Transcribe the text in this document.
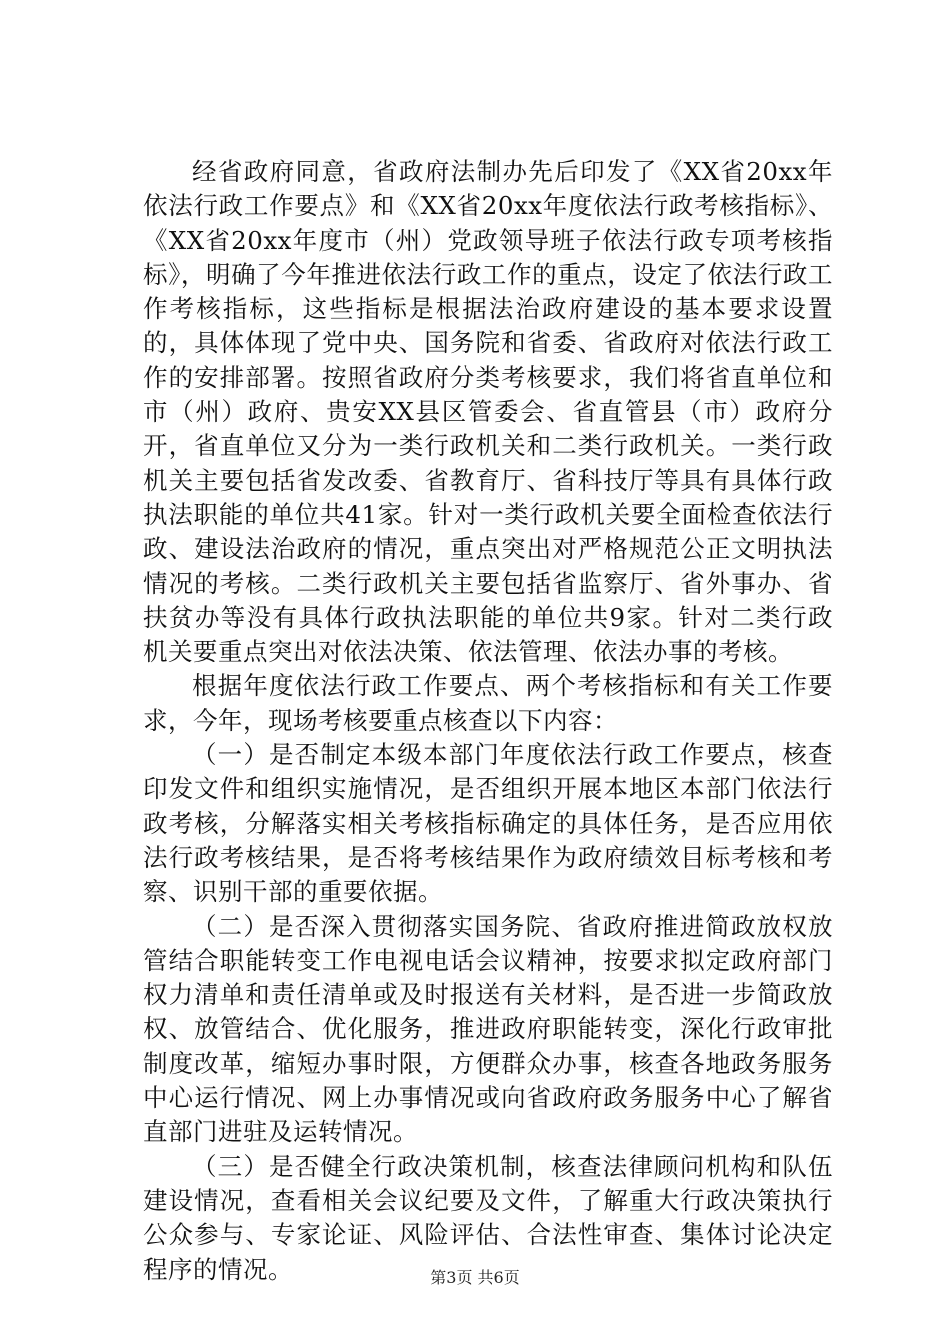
经省政府同意，省政府法制办先后印发了《XX省20xx年依法行政工作要点》和《XX省20xx年度依法行政考核指标》、《XX省20xx年度市（州）党政领导班子依法行政专项考核指标》，明确了今年推进依法行政工作的重点，设定了依法行政工作考核指标，这些指标是根据法治政府建设的基本要求设置的，具体体现了党中央、国务院和省委、省政府对依法行政工作的安排部署。按照省政府分类考核要求，我们将省直单位和市（州）政府、贵安XX县区管委会、省直管县（市）政府分开，省直单位又分为一类行政机关和二类行政机关。一类行政机关主要包括省发改委、省教育厅、省科技厅等具有具体行政执法职能的单位共41家。针对一类行政机关要全面检查依法行政、建设法治政府的情况，重点突出对严格规范公正文明执法情况的考核。二类行政机关主要包括省监察厅、省外事办、省扶贫办等没有具体行政执法职能的单位共9家。针对二类行政机关要重点突出对依法决策、依法管理、依法办事的考核。

根据年度依法行政工作要点、两个考核指标和有关工作要求，今年，现场考核要重点核查以下内容：

（一）是否制定本级本部门年度依法行政工作要点，核查印发文件和组织实施情况，是否组织开展本地区本部门依法行政考核，分解落实相关考核指标确定的具体任务，是否应用依法行政考核结果，是否将考核结果作为政府绩效目标考核和考察、识别干部的重要依据。

（二）是否深入贯彻落实国务院、省政府推进简政放权放管结合职能转变工作电视电话会议精神，按要求拟定政府部门权力清单和责任清单或及时报送有关材料，是否进一步简政放权、放管结合、优化服务，推进政府职能转变，深化行政审批制度改革，缩短办事时限，方便群众办事，核查各地政务服务中心运行情况、网上办事情况或向省政府政务服务中心了解省直部门进驻及运转情况。

（三）是否健全行政决策机制，核查法律顾问机构和队伍建设情况，查看相关会议纪要及文件，了解重大行政决策执行公众参与、专家论证、风险评估、合法性审查、集体讨论决定程序的情况。	第3页 共6页
